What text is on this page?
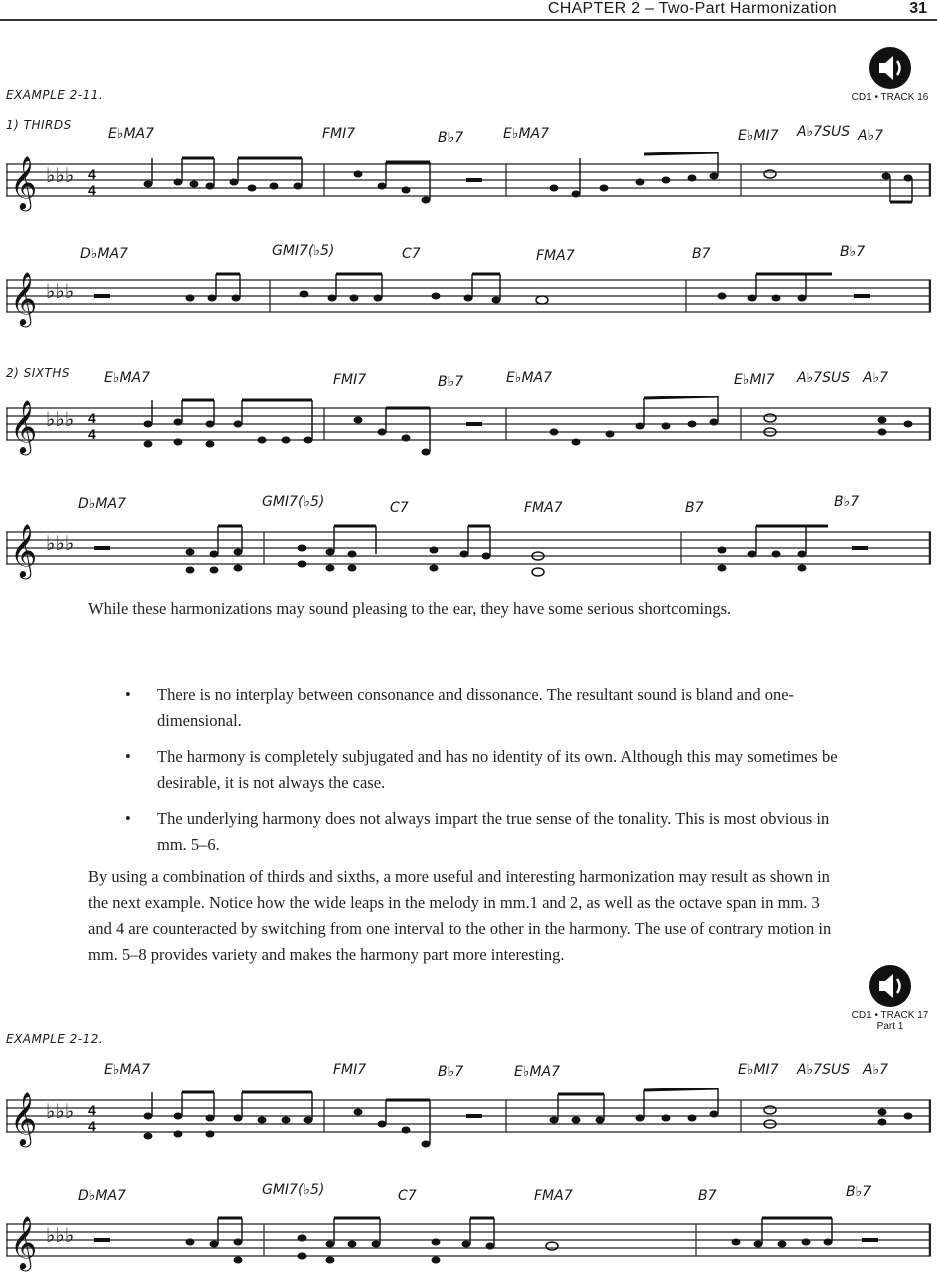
CHAPTER 2 – Two-Part Harmonization	31
EXAMPLE 2-11.	CD1 • TRACK 16
1) THIRDS
E♭MA7	FMI7	B♭7	E♭MA7	E♭MI7 A♭7SUS A♭7
𝄞 ♭♭♭ 4
4
D♭MA7	GMI7(♭5)	C7	FMA7	B7	B♭7
𝄞 ♭♭♭
2) SIXTHS E♭MA7	FMI7	B♭7	E♭MA7	E♭MI7 A♭7SUS A♭7
𝄞 ♭♭♭ 4
4
D♭MA7	GMI7(♭5)	C7	FMA7	B7	B♭7
𝄞 ♭♭♭

While these harmonizations may sound pleasing to the ear, they have some serious shortcomings.

• There is no interplay between consonance and dissonance. The resultant sound is bland and one-dimensional.
• The harmony is completely subjugated and has no identity of its own. Although this may sometimes be desirable, it is not always the case.
• The underlying harmony does not always impart the true sense of the tonality. This is most obvious in mm. 5–6.

By using a combination of thirds and sixths, a more useful and interesting harmonization may result as shown in the next example. Notice how the wide leaps in the melody in mm.1 and 2, as well as the octave span in mm. 3 and 4 are counteracted by switching from one interval to the other in the harmony. The use of contrary motion in mm. 5–8 provides variety and makes the harmony part more interesting.

EXAMPLE 2-12.
CD1 • TRACK 17
Part 1
E♭MA7	FMI7	B♭7	E♭MA7	E♭MI7 A♭7SUS A♭7
𝄞 ♭♭♭ 4
4
D♭MA7	GMI7(♭5)	C7	FMA7	B7	B♭7
𝄞 ♭♭♭
